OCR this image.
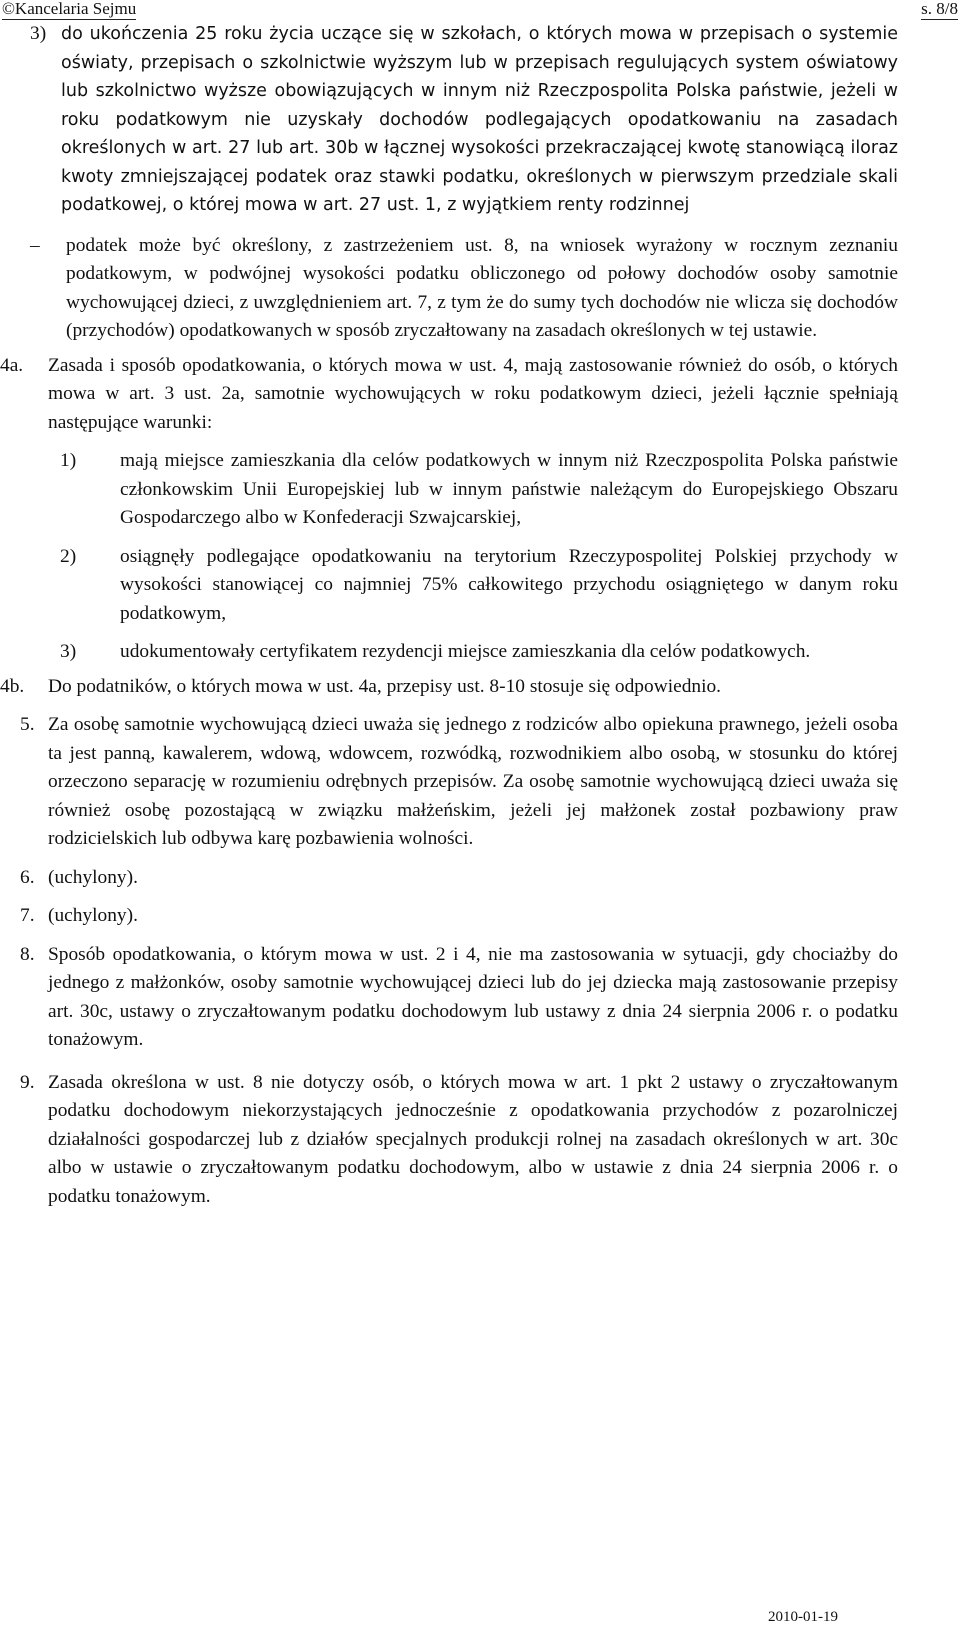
©Kancelaria Sejmu	s. 8/8
3) do ukończenia 25 roku życia uczące się w szkołach, o których mowa w przepisach o systemie oświaty, przepisach o szkolnictwie wyższym lub w przepisach regulujących system oświatowy lub szkolnictwo wyższe obowiązujących w innym niż Rzeczpospolita Polska państwie, jeżeli w roku podatkowym nie uzyskały dochodów podlegających opodatkowaniu na zasadach określonych w art. 27 lub art. 30b w łącznej wysokości przekraczającej kwotę stanowiącą iloraz kwoty zmniejszającej podatek oraz stawki podatku, określonych w pierwszym przedziale skali podatkowej, o której mowa w art. 27 ust. 1, z wyjątkiem renty rodzinnej
– podatek może być określony, z zastrzeżeniem ust. 8, na wniosek wyrażony w rocznym zeznaniu podatkowym, w podwójnej wysokości podatku obliczonego od połowy dochodów osoby samotnie wychowującej dzieci, z uwzględnieniem art. 7, z tym że do sumy tych dochodów nie wlicza się dochodów (przychodów) opodatkowanych w sposób zryczałtowany na zasadach określonych w tej ustawie.
4a. Zasada i sposób opodatkowania, o których mowa w ust. 4, mają zastosowanie również do osób, o których mowa w art. 3 ust. 2a, samotnie wychowujących w roku podatkowym dzieci, jeżeli łącznie spełniają następujące warunki:
1) mają miejsce zamieszkania dla celów podatkowych w innym niż Rzeczpospolita Polska państwie członkowskim Unii Europejskiej lub w innym państwie należącym do Europejskiego Obszaru Gospodarczego albo w Konfederacji Szwajcarskiej,
2) osiągnęły podlegające opodatkowaniu na terytorium Rzeczypospolitej Polskiej przychody w wysokości stanowiącej co najmniej 75% całkowitego przychodu osiągniętego w danym roku podatkowym,
3) udokumentowały certyfikatem rezydencji miejsce zamieszkania dla celów podatkowych.
4b. Do podatników, o których mowa w ust. 4a, przepisy ust. 8-10 stosuje się odpowiednio.
5. Za osobę samotnie wychowującą dzieci uważa się jednego z rodziców albo opiekuna prawnego, jeżeli osoba ta jest panną, kawalerem, wdową, wdowcem, rozwódką, rozwodnikiem albo osobą, w stosunku do której orzeczono separację w rozumieniu odrębnych przepisów. Za osobę samotnie wychowującą dzieci uważa się również osobę pozostającą w związku małżeńskim, jeżeli jej małżonek został pozbawiony praw rodzicielskich lub odbywa karę pozbawienia wolności.
6. (uchylony).
7. (uchylony).
8. Sposób opodatkowania, o którym mowa w ust. 2 i 4, nie ma zastosowania w sytuacji, gdy chociażby do jednego z małżonków, osoby samotnie wychowującej dzieci lub do jej dziecka mają zastosowanie przepisy art. 30c, ustawy o zryczałtowanym podatku dochodowym lub ustawy z dnia 24 sierpnia 2006 r. o podatku tonażowym.
9. Zasada określona w ust. 8 nie dotyczy osób, o których mowa w art. 1 pkt 2 ustawy o zryczałtowanym podatku dochodowym niekorzystających jednocześnie z opodatkowania przychodów z pozarolniczej działalności gospodarczej lub z działów specjalnych produkcji rolnej na zasadach określonych w art. 30c albo w ustawie o zryczałtowanym podatku dochodowym, albo w ustawie z dnia 24 sierpnia 2006 r. o podatku tonażowym.
2010-01-19
